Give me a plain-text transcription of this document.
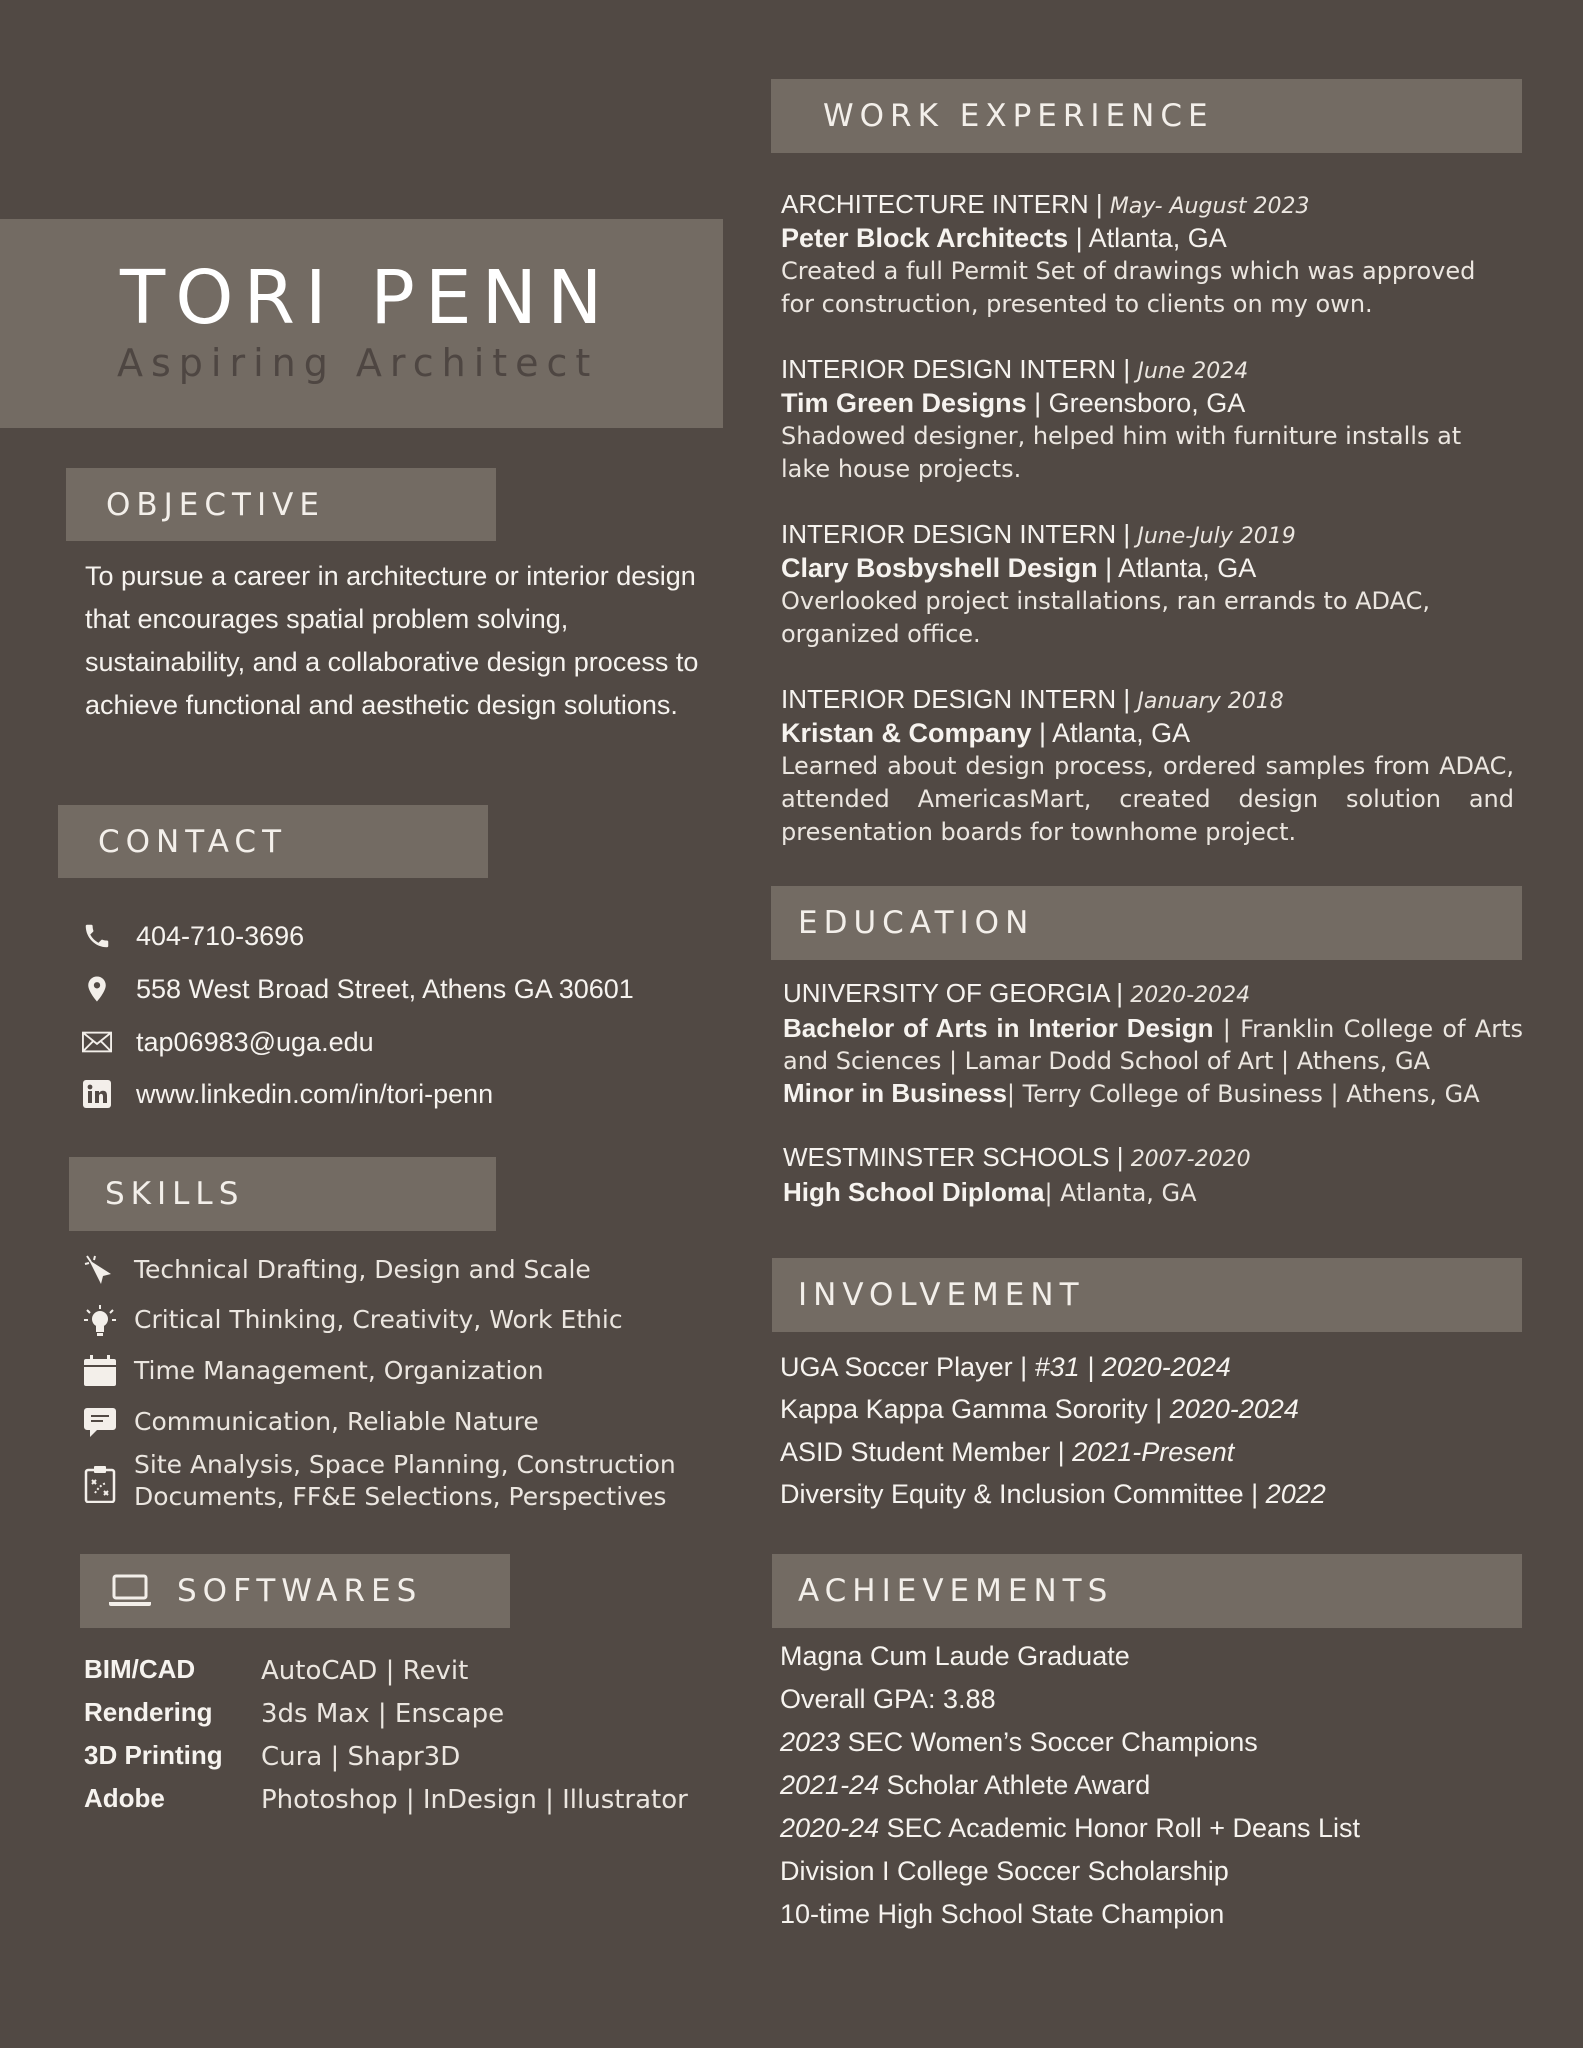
TORI PENN
Aspiring Architect
OBJECTIVE
To pursue a career in architecture or interior design that encourages spatial problem solving, sustainability, and a collaborative design process to achieve functional and aesthetic design solutions.
CONTACT
404-710-3696
558 West Broad Street, Athens GA 30601
tap06983@uga.edu
www.linkedin.com/in/tori-penn
SKILLS
Technical Drafting, Design and Scale
Critical Thinking, Creativity, Work Ethic
Time Management, Organization
Communication, Reliable Nature
Site Analysis, Space Planning, Construction
Documents, FF&E Selections, Perspectives
SOFTWARES
BIM/CAD	AutoCAD | Revit
Rendering 3ds Max | Enscape
3D Printing Cura | Shapr3D
Adobe	Photoshop | InDesign | Illustrator
WORK EXPERIENCE
ARCHITECTURE INTERN | May- August 2023
Peter Block Architects | Atlanta, GA
Created a full Permit Set of drawings which was approved for construction, presented to clients on my own.
INTERIOR DESIGN INTERN | June 2024
Tim Green Designs | Greensboro, GA
Shadowed designer, helped him with furniture installs at lake house projects.
INTERIOR DESIGN INTERN | June-July 2019
Clary Bosbyshell Design | Atlanta, GA
Overlooked project installations, ran errands to ADAC, organized office.
INTERIOR DESIGN INTERN | January 2018
Kristan & Company | Atlanta, GA
Learned about design process, ordered samples from ADAC, attended AmericasMart, created design solution and presentation boards for townhome project.
EDUCATION
UNIVERSITY OF GEORGIA | 2020-2024
Bachelor of Arts in Interior Design | Franklin College of Arts and Sciences | Lamar Dodd School of Art | Athens, GA
Minor in Business| Terry College of Business | Athens, GA
WESTMINSTER SCHOOLS | 2007-2020
High School Diploma| Atlanta, GA
INVOLVEMENT
UGA Soccer Player | #31 | 2020-2024
Kappa Kappa Gamma Sorority | 2020-2024
ASID Student Member | 2021-Present
Diversity Equity & Inclusion Committee | 2022
ACHIEVEMENTS
Magna Cum Laude Graduate
Overall GPA: 3.88
2023 SEC Women’s Soccer Champions
2021-24 Scholar Athlete Award
2020-24 SEC Academic Honor Roll + Deans List
Division I College Soccer Scholarship
10-time High School State Champion
